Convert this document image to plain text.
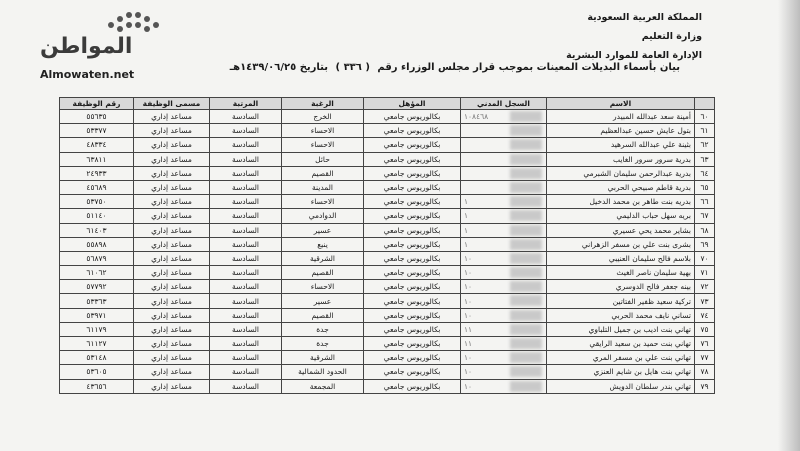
المملكة العربية السعودية
وزارة التعليم
الإدارة العامة للموارد البشرية
بيان بأسماء البديلات المعينات بموجب قرار مجلس الوزراء رقم ( ٣٣٦ ) بتاريخ ١٤٣٩/٠٦/٢٥هـ
المواطن
Almowaten.net
	الاسم	السجل المدني	المؤهل	الرغبة	المرتبة	مسمى الوظيفة	رقم الوظيفة
٦٠	أمينة سعد عبدالله المبيدر	١٠٨٤٦٨	بكالوريوس جامعي	الخرج	السادسة	مساعد إداري	٥٥٦٣٥
٦١	بتول عايش حسين عبدالعظيم		بكالوريوس جامعي	الاحساء	السادسة	مساعد إداري	٥٣٣٧٧
٦٢	بثينة علي عبدالله السرهيد		بكالوريوس جامعي	الاحساء	السادسة	مساعد إداري	٤٨٣٣٤
٦٣	بدرية سرور سرور الغايب		بكالوريوس جامعي	حائل	السادسة	مساعد إداري	٦٣٨١١
٦٤	بدرية عبدالرحمن سليمان الشبرمي		بكالوريوس جامعي	القصيم	السادسة	مساعد إداري	٢٤٩٣٣
٦٥	بدرية قاطم صبيحي الحربي		بكالوريوس جامعي	المدينة	السادسة	مساعد إداري	٤٥٦٨٩
٦٦	بدريه بنت طاهر بن محمد الدخيل	١	بكالوريوس جامعي	الاحساء	السادسة	مساعد إداري	٥٣٧٥٠
٦٧	بريه سهل حباب الدليمي	١	بكالوريوس جامعي	الدوادمي	السادسة	مساعد إداري	٥١١٤٠
٦٨	بشاير محمد يحي عسيري	١	بكالوريوس جامعي	عسير	السادسة	مساعد إداري	٦١٤٠٣
٦٩	بشرى بنت علي بن مسفر الزهراني	١	بكالوريوس جامعي	ينبع	السادسة	مساعد إداري	٥٥٨٩٨
٧٠	بلاسم فالح سليمان العنيبي	١٠	بكالوريوس جامعي	الشرقية	السادسة	مساعد إداري	٥٦٨٧٩
٧١	بهية سليمان ناصر الغيث	١٠	بكالوريوس جامعي	القصيم	السادسة	مساعد إداري	٦١٠٦٢
٧٢	بينه جعفر فالح الدوسري	١٠	بكالوريوس جامعي	الاحساء	السادسة	مساعد إداري	٥٧٧٩٢
٧٣	تركية سعيد ظفير الفتاتين	١٠	بكالوريوس جامعي	عسير	السادسة	مساعد إداري	٥٣٣٦٣
٧٤	تساني نايف محمد الحربي	١٠	بكالوريوس جامعي	القصيم	السادسة	مساعد إداري	٥٣٩٧١
٧٥	تهاني بنت اديب بن جميل التلباوي	١١	بكالوريوس جامعي	جدة	السادسة	مساعد إداري	٦١١٧٩
٧٦	تهاني بنت حميد بن سعيد الرايقي	١١	بكالوريوس جامعي	جدة	السادسة	مساعد إداري	٦١١٢٧
٧٧	تهاني بنت علي بن مسفر المري	١٠	بكالوريوس جامعي	الشرقية	السادسة	مساعد إداري	٥٣١٤٨
٧٨	تهاني بنت هايل بن شايم العنزي	١٠	بكالوريوس جامعي	الحدود الشمالية	السادسة	مساعد إداري	٥٣٦٠٥
٧٩	تهاني بندر سلطان الدويش	١٠	بكالوريوس جامعي	المجمعة	السادسة	مساعد إداري	٤٣٦٥٦
